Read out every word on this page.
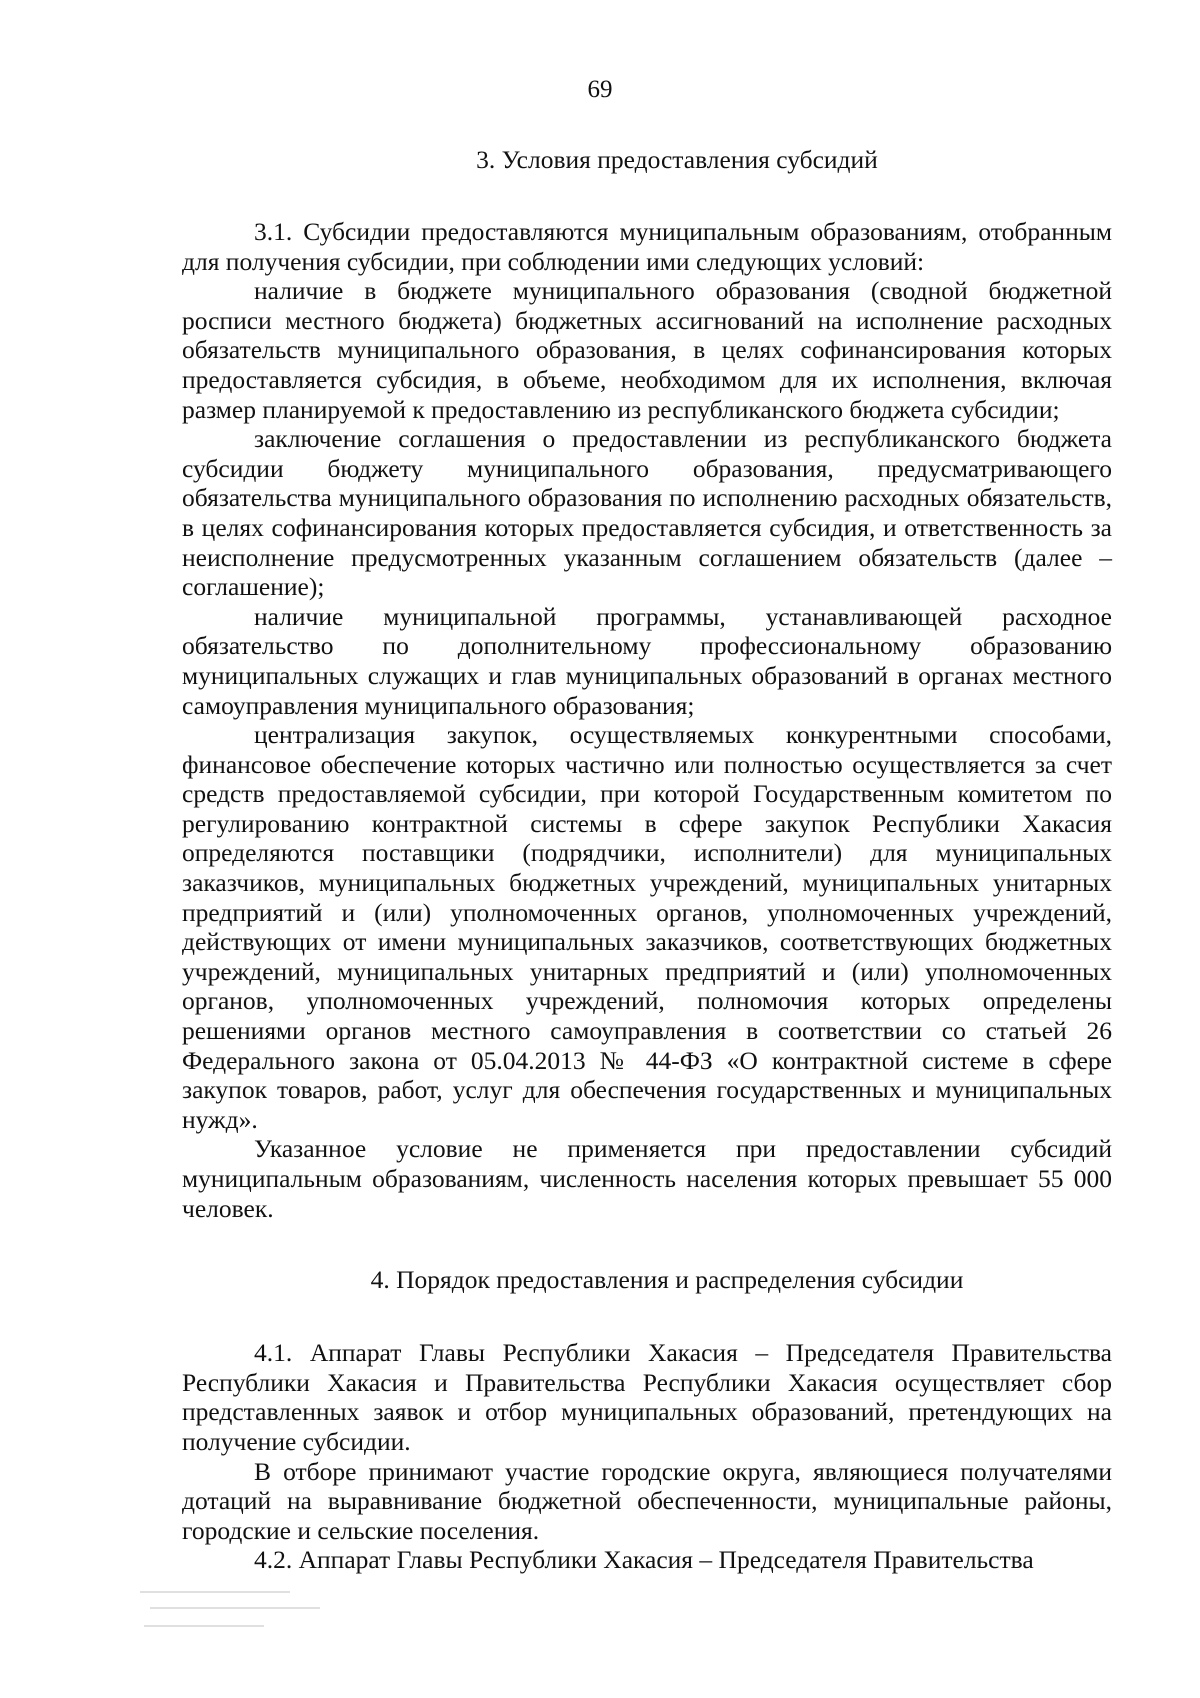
69
3. Условия предоставления субсидий

3.1. Субсидии предоставляются муниципальным образованиям, отобранным для получения субсидии, при соблюдении ими следующих условий:

наличие в бюджете муниципального образования (сводной бюджетной росписи местного бюджета) бюджетных ассигнований на исполнение расходных обязательств муниципального образования, в целях софинансирования которых предоставляется субсидия, в объеме, необходимом для их исполнения, включая размер планируемой к предоставлению из республиканского бюджета субсидии;

заключение соглашения о предоставлении из республиканского бюджета субсидии бюджету муниципального образования, предусматривающего обязательства муниципального образования по исполнению расходных обязательств, в целях софинансирования которых предоставляется субсидия, и ответственность за неисполнение предусмотренных указанным соглашением обязательств (далее – соглашение);

наличие муниципальной программы, устанавливающей расходное обязательство по дополнительному профессиональному образованию муниципальных служащих и глав муниципальных образований в органах местного самоуправления муниципального образования;

централизация закупок, осуществляемых конкурентными способами, финансовое обеспечение которых частично или полностью осуществляется за счет средств предоставляемой субсидии, при которой Государственным комитетом по регулированию контрактной системы в сфере закупок Республики Хакасия определяются поставщики (подрядчики, исполнители) для муниципальных заказчиков, муниципальных бюджетных учреждений, муниципальных унитарных предприятий и (или) уполномоченных органов, уполномоченных учреждений, действующих от имени муниципальных заказчиков, соответствующих бюджетных учреждений, муниципальных унитарных предприятий и (или) уполномоченных органов, уполномоченных учреждений, полномочия которых определены решениями органов местного самоуправления в соответствии со статьей 26 Федерального закона от 05.04.2013 № 44-ФЗ «О контрактной системе в сфере закупок товаров, работ, услуг для обеспечения государственных и муниципальных нужд».

Указанное условие не применяется при предоставлении субсидий муниципальным образованиям, численность населения которых превышает 55 000 человек.

4. Порядок предоставления и распределения субсидии

4.1. Аппарат Главы Республики Хакасия – Председателя Правительства Республики Хакасия и Правительства Республики Хакасия осуществляет сбор представленных заявок и отбор муниципальных образований, претендующих на получение субсидии.

В отборе принимают участие городские округа, являющиеся получателями дотаций на выравнивание бюджетной обеспеченности, муниципальные районы, городские и сельские поселения.

4.2. Аппарат Главы Республики Хакасия – Председателя Правительства
